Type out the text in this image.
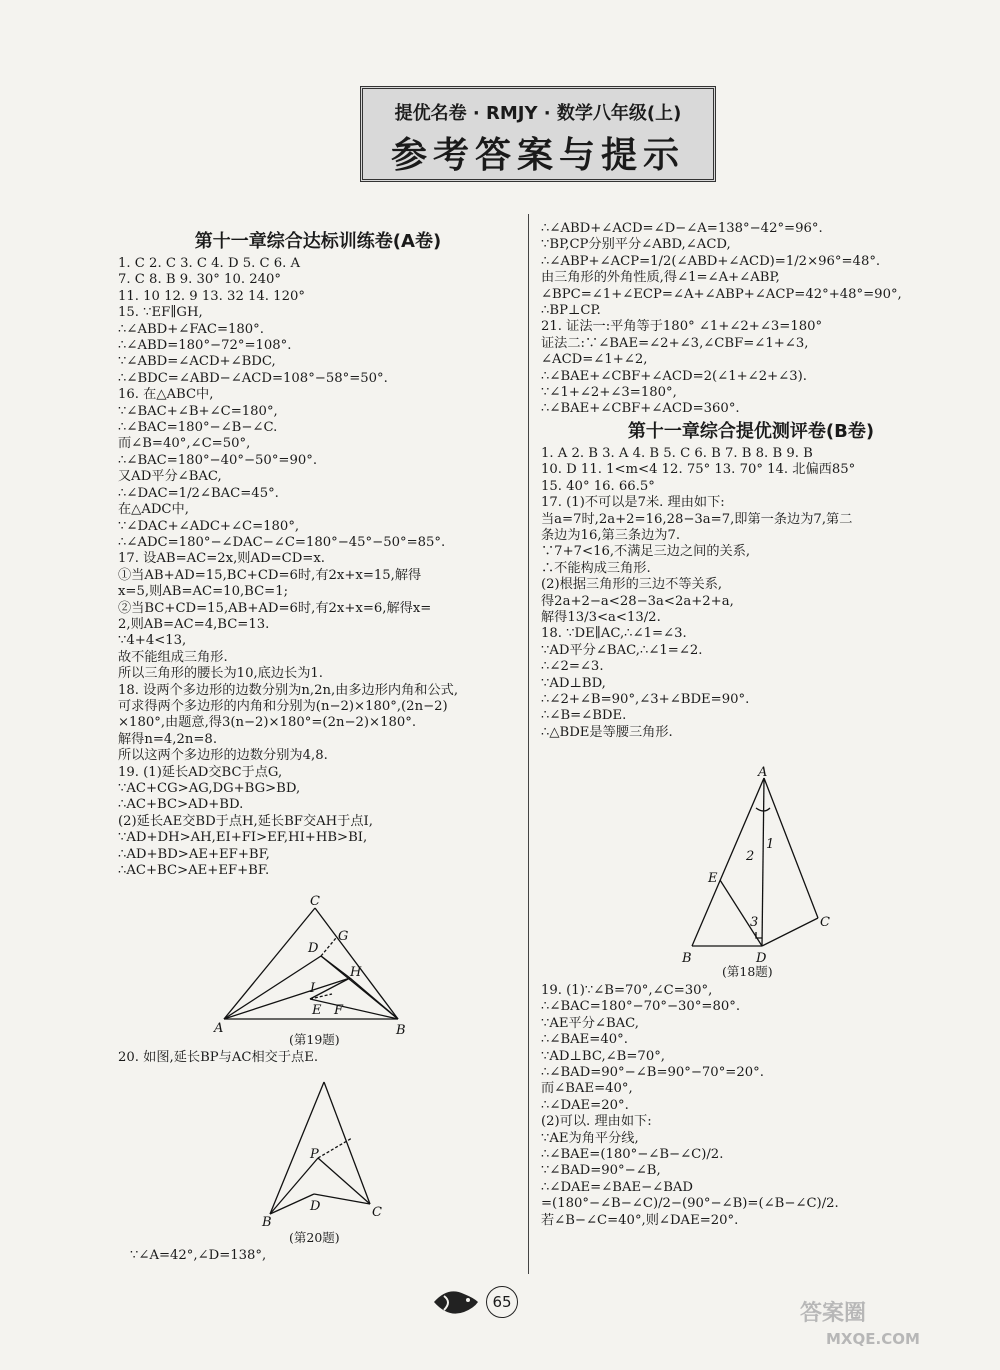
提优名卷 · RMJY · 数学八年级(上)
参考答案与提示
第十一章综合达标训练卷(A卷)
1. C 2. C 3. C 4. D 5. C 6. A
7. C 8. B 9. 30° 10. 240°
11. 10 12. 9 13. 32 14. 120°
15. ∵EF∥GH,
∴∠ABD+∠FAC=180°.
∴∠ABD=180°−72°=108°.
∵∠ABD=∠ACD+∠BDC,
∴∠BDC=∠ABD−∠ACD=108°−58°=50°.
16. 在△ABC中,
∵∠BAC+∠B+∠C=180°,
∴∠BAC=180°−∠B−∠C.
而∠B=40°,∠C=50°,
∴∠BAC=180°−40°−50°=90°.
又AD平分∠BAC,
∴∠DAC=1/2∠BAC=45°.
在△ADC中,
∵∠DAC+∠ADC+∠C=180°,
∴∠ADC=180°−∠DAC−∠C=180°−45°−50°=85°.
17. 设AB=AC=2x,则AD=CD=x.
①当AB+AD=15,BC+CD=6时,有2x+x=15,解得
x=5,则AB=AC=10,BC=1;
②当BC+CD=15,AB+AD=6时,有2x+x=6,解得x=
2,则AB=AC=4,BC=13.
∵4+4<13,
故不能组成三角形.
所以三角形的腰长为10,底边长为1.
18. 设两个多边形的边数分别为n,2n,由多边形内角和公式,
可求得两个多边形的内角和分别为(n−2)×180°,(2n−2)
×180°,由题意,得3(n−2)×180°=(2n−2)×180°.
解得n=4,2n=8.
所以这两个多边形的边数分别为4,8.
19. (1)延长AD交BC于点G,
∵AC+CG>AG,DG+BG>BD,
∴AC+BC>AD+BD.
(2)延长AE交BD于点H,延长BF交AH于点I,
∵AD+DH>AH,EI+FI>EF,HI+HB>BI,
∴AD+BD>AE+EF+BF,
∴AC+BC>AE+EF+BF.
C
G
D
H
I
E F
A	B
(第19题)
20. 如图,延长BP与AC相交于点E.
P
D
B
C
(第20题)
∵∠A=42°,∠D=138°,
∴∠ABD+∠ACD=∠D−∠A=138°−42°=96°.
∵BP,CP分别平分∠ABD,∠ACD,
∴∠ABP+∠ACP=1/2(∠ABD+∠ACD)=1/2×96°=48°.
由三角形的外角性质,得∠1=∠A+∠ABP,
∠BPC=∠1+∠ECP=∠A+∠ABP+∠ACP=42°+48°=90°,
∴BP⊥CP.
21. 证法一:平角等于180° ∠1+∠2+∠3=180°
证法二:∵∠BAE=∠2+∠3,∠CBF=∠1+∠3,
∠ACD=∠1+∠2,
∴∠BAE+∠CBF+∠ACD=2(∠1+∠2+∠3).
∵∠1+∠2+∠3=180°,
∴∠BAE+∠CBF+∠ACD=360°.
第十一章综合提优测评卷(B卷)
1. A 2. B 3. A 4. B 5. C 6. B 7. B 8. B 9. B
10. D 11. 1<m<4 12. 75° 13. 70° 14. 北偏西85°
15. 40° 16. 66.5°
17. (1)不可以是7米. 理由如下:
当a=7时,2a+2=16,28−3a=7,即第一条边为7,第二
条边为16,第三条边为7.
∵7+7<16,不满足三边之间的关系,
∴不能构成三角形.
(2)根据三角形的三边不等关系,
得2a+2−a<28−3a<2a+2+a,
解得13/3<a<13/2.
18. ∵DE∥AC,∴∠1=∠3.
∵AD平分∠BAC,∴∠1=∠2.
∴∠2=∠3.
∵AD⊥BD,
∴∠2+∠B=90°,∠3+∠BDE=90°.
∴∠B=∠BDE.
∴△BDE是等腰三角形.
A
2
1
E
3	C
B	D
(第18题)
19. (1)∵∠B=70°,∠C=30°,
∴∠BAC=180°−70°−30°=80°.
∵AE平分∠BAC,
∴∠BAE=40°.
∵AD⊥BC,∠B=70°,
∴∠BAD=90°−∠B=90°−70°=20°.
而∠BAE=40°,
∴∠DAE=20°.
(2)可以. 理由如下:
∵AE为角平分线,
∴∠BAE=(180°−∠B−∠C)/2.
∵∠BAD=90°−∠B,
∴∠DAE=∠BAE−∠BAD
=(180°−∠B−∠C)/2−(90°−∠B)=(∠B−∠C)/2.
若∠B−∠C=40°,则∠DAE=20°.
65	答案圈
MXQE.COM
